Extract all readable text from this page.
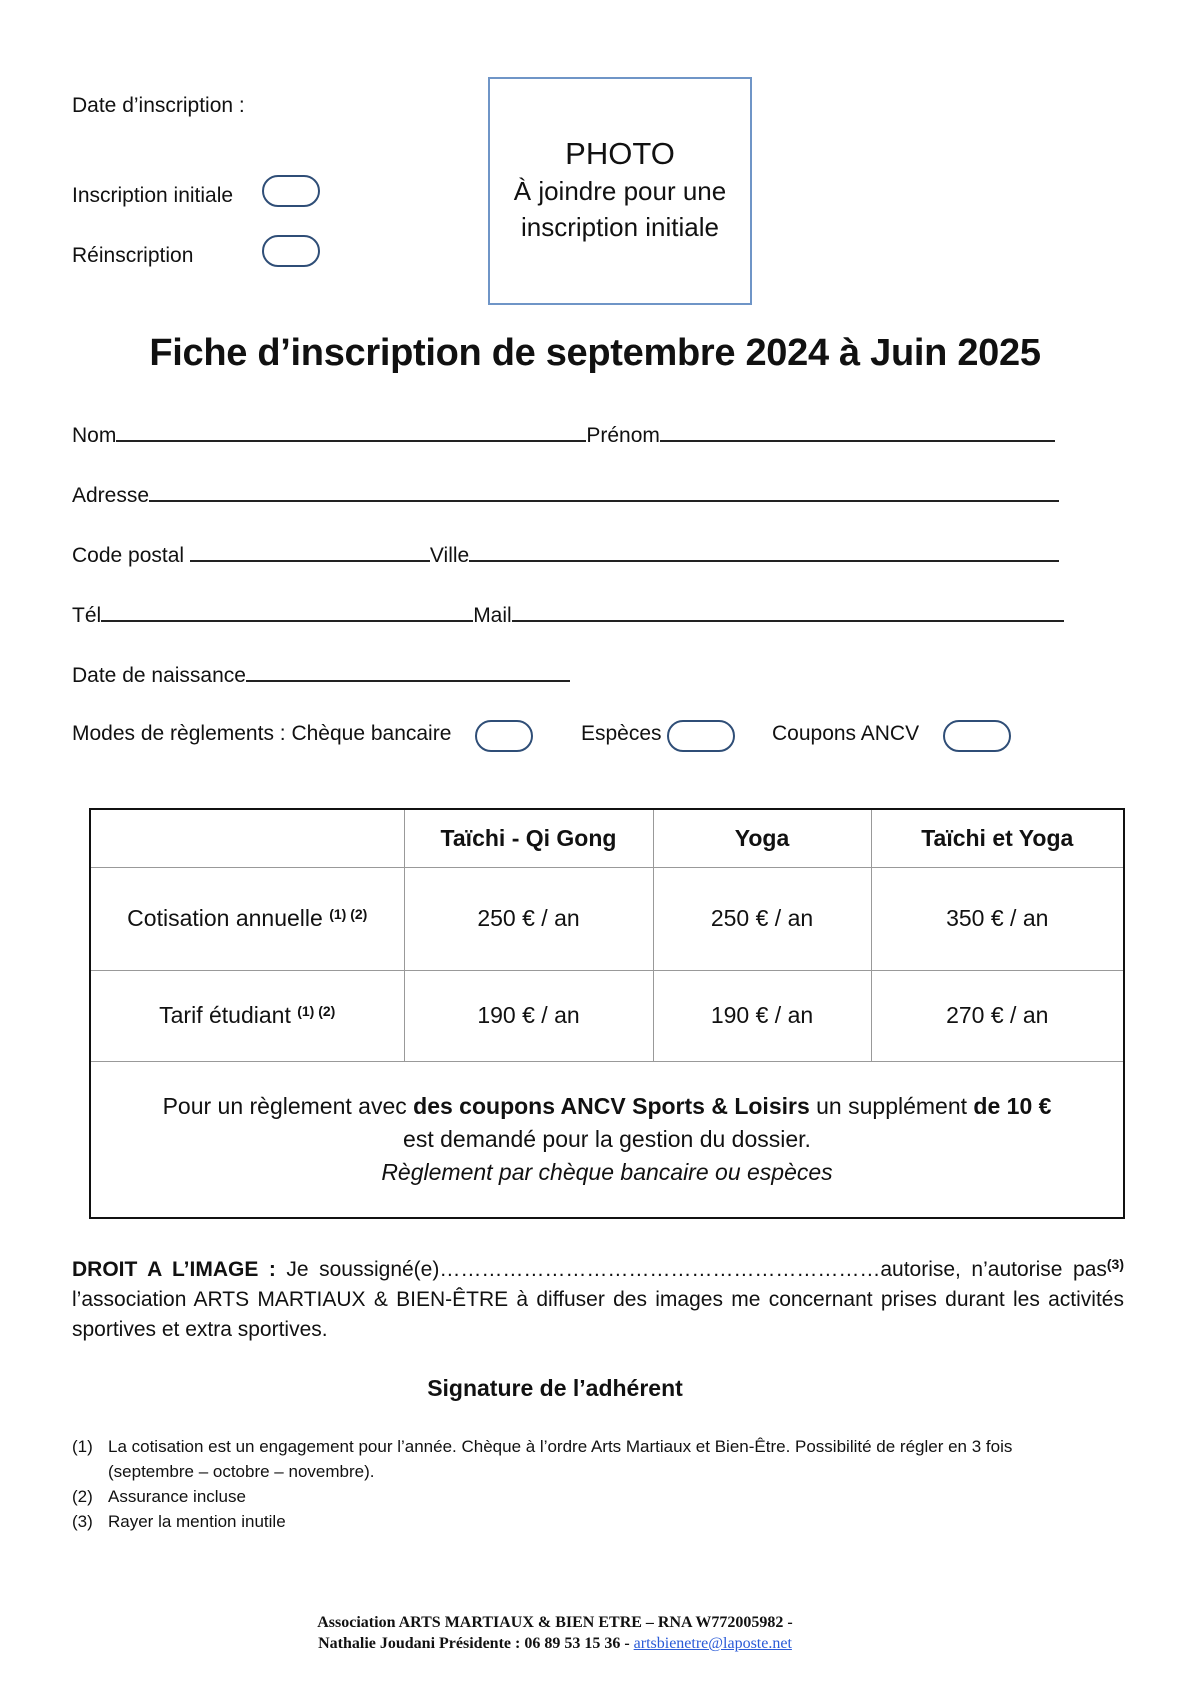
Date d’inscription :
Inscription initiale
Réinscription
PHOTO
À joindre pour une
inscription initiale
Fiche d’inscription de septembre 2024 à Juin 2025
Nom	Prénom
Adresse
Code postal	Ville
Tél	Mail
Date de naissance
Modes de règlements : Chèque bancaire	Espèces	Coupons ANCV
	Taïchi - Qi Gong	Yoga	Taïchi et Yoga
Cotisation annuelle $^{(1) (2)}$	250 € / an	250 € / an	350 € / an
Tarif étudiant $^{(1) (2)}$	190 € / an	190 € / an	270 € / an

Pour un règlement avec des coupons ANCV Sports & Loisirs un supplément de 10 €
est demandé pour la gestion du dossier.
Règlement par chèque bancaire ou espèces			
DROIT A L’IMAGE : Je soussigné(e)………………………………………………………autorise, n’autorise pas$^{(3)}$ l’association ARTS MARTIAUX & BIEN-ÊTRE à diffuser des images me concernant prises durant les activités sportives et extra sportives.
Signature de l’adhérent
(1) La cotisation est un engagement pour l’année. Chèque à l’ordre Arts Martiaux et Bien-Être. Possibilité de régler en 3 fois
(septembre – octobre – novembre).
(2) Assurance incluse
(3) Rayer la mention inutile
Association ARTS MARTIAUX & BIEN ETRE – RNA W772005982 -
Nathalie Joudani Présidente : 06 89 53 15 36 - artsbienetre@laposte.net
